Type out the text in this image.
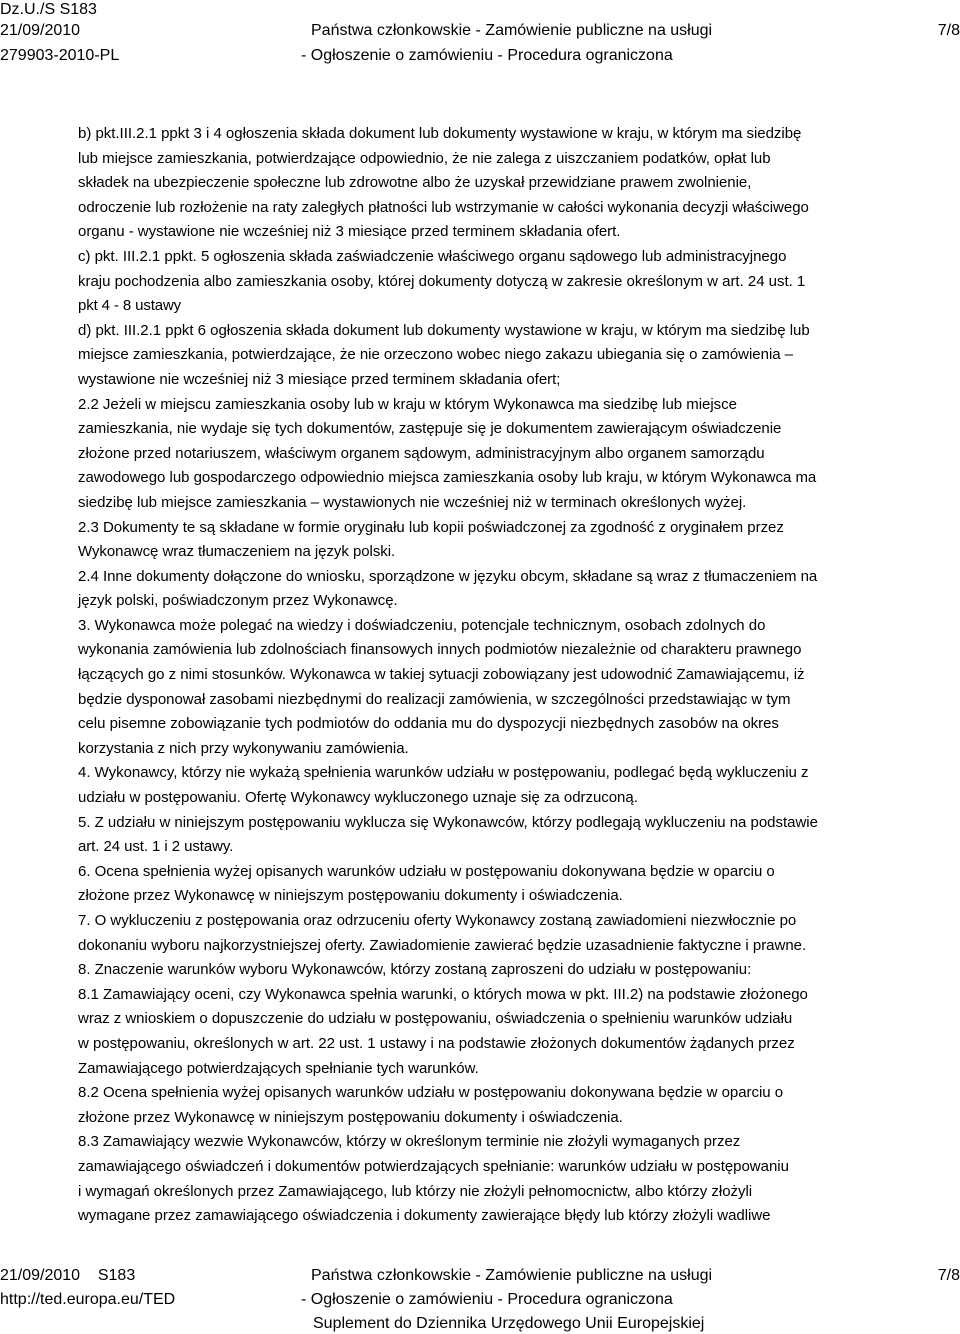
Dz.U./S S183
21/09/2010
279903-2010-PL
Państwa członkowskie - Zamówienie publiczne na usługi
- Ogłoszenie o zamówieniu - Procedura ograniczona
7/8
b) pkt.III.2.1 ppkt 3 i 4 ogłoszenia składa dokument lub dokumenty wystawione w kraju, w którym ma siedzibę
lub miejsce zamieszkania, potwierdzające odpowiednio, że nie zalega z uiszczaniem podatków, opłat lub
składek na ubezpieczenie społeczne lub zdrowotne albo że uzyskał przewidziane prawem zwolnienie,
odroczenie lub rozłożenie na raty zaległych płatności lub wstrzymanie w całości wykonania decyzji właściwego
organu - wystawione nie wcześniej niż 3 miesiące przed terminem składania ofert.
c) pkt. III.2.1 ppkt. 5 ogłoszenia składa zaświadczenie właściwego organu sądowego lub administracyjnego
kraju pochodzenia albo zamieszkania osoby, której dokumenty dotyczą w zakresie określonym w art. 24 ust. 1
pkt 4 - 8 ustawy
d) pkt. III.2.1 ppkt 6 ogłoszenia składa dokument lub dokumenty wystawione w kraju, w którym ma siedzibę lub
miejsce zamieszkania, potwierdzające, że nie orzeczono wobec niego zakazu ubiegania się o zamówienia –
wystawione nie wcześniej niż 3 miesiące przed terminem składania ofert;
2.2 Jeżeli w miejscu zamieszkania osoby lub w kraju w którym Wykonawca ma siedzibę lub miejsce
zamieszkania, nie wydaje się tych dokumentów, zastępuje się je dokumentem zawierającym oświadczenie
złożone przed notariuszem, właściwym organem sądowym, administracyjnym albo organem samorządu
zawodowego lub gospodarczego odpowiednio miejsca zamieszkania osoby lub kraju, w którym Wykonawca ma
siedzibę lub miejsce zamieszkania – wystawionych nie wcześniej niż w terminach określonych wyżej.
2.3 Dokumenty te są składane w formie oryginału lub kopii poświadczonej za zgodność z oryginałem przez
Wykonawcę wraz tłumaczeniem na język polski.
2.4 Inne dokumenty dołączone do wniosku, sporządzone w języku obcym, składane są wraz z tłumaczeniem na
język polski, poświadczonym przez Wykonawcę.
3. Wykonawca może polegać na wiedzy i doświadczeniu, potencjale technicznym, osobach zdolnych do
wykonania zamówienia lub zdolnościach finansowych innych podmiotów niezależnie od charakteru prawnego
łączących go z nimi stosunków. Wykonawca w takiej sytuacji zobowiązany jest udowodnić Zamawiającemu, iż
będzie dysponował zasobami niezbędnymi do realizacji zamówienia, w szczególności przedstawiając w tym
celu pisemne zobowiązanie tych podmiotów do oddania mu do dyspozycji niezbędnych zasobów na okres
korzystania z nich przy wykonywaniu zamówienia.
4. Wykonawcy, którzy nie wykażą spełnienia warunków udziału w postępowaniu, podlegać będą wykluczeniu z
udziału w postępowaniu. Ofertę Wykonawcy wykluczonego uznaje się za odrzuconą.
5. Z udziału w niniejszym postępowaniu wyklucza się Wykonawców, którzy podlegają wykluczeniu na podstawie
art. 24 ust. 1 i 2 ustawy.
6. Ocena spełnienia wyżej opisanych warunków udziału w postępowaniu dokonywana będzie w oparciu o
złożone przez Wykonawcę w niniejszym postępowaniu dokumenty i oświadczenia.
7. O wykluczeniu z postępowania oraz odrzuceniu oferty Wykonawcy zostaną zawiadomieni niezwłocznie po
dokonaniu wyboru najkorzystniejszej oferty. Zawiadomienie zawierać będzie uzasadnienie faktyczne i prawne.
8. Znaczenie warunków wyboru Wykonawców, którzy zostaną zaproszeni do udziału w postępowaniu:
8.1 Zamawiający oceni, czy Wykonawca spełnia warunki, o których mowa w pkt. III.2) na podstawie złożonego
wraz z wnioskiem o dopuszczenie do udziału w postępowaniu, oświadczenia o spełnieniu warunków udziału
w postępowaniu, określonych w art. 22 ust. 1 ustawy i na podstawie złożonych dokumentów żądanych przez
Zamawiającego potwierdzających spełnianie tych warunków.
8.2 Ocena spełnienia wyżej opisanych warunków udziału w postępowaniu dokonywana będzie w oparciu o
złożone przez Wykonawcę w niniejszym postępowaniu dokumenty i oświadczenia.
8.3 Zamawiający wezwie Wykonawców, którzy w określonym terminie nie złożyli wymaganych przez
zamawiającego oświadczeń i dokumentów potwierdzających spełnianie: warunków udziału w postępowaniu
i wymagań określonych przez Zamawiającego, lub którzy nie złożyli pełnomocnictw, albo którzy złożyli
wymagane przez zamawiającego oświadczenia i dokumenty zawierające błędy lub którzy złożyli wadliwe
21/09/2010    S183
http://ted.europa.eu/TED
Państwa członkowskie - Zamówienie publiczne na usługi
- Ogłoszenie o zamówieniu - Procedura ograniczona
Suplement do Dziennika Urzędowego Unii Europejskiej
7/8
